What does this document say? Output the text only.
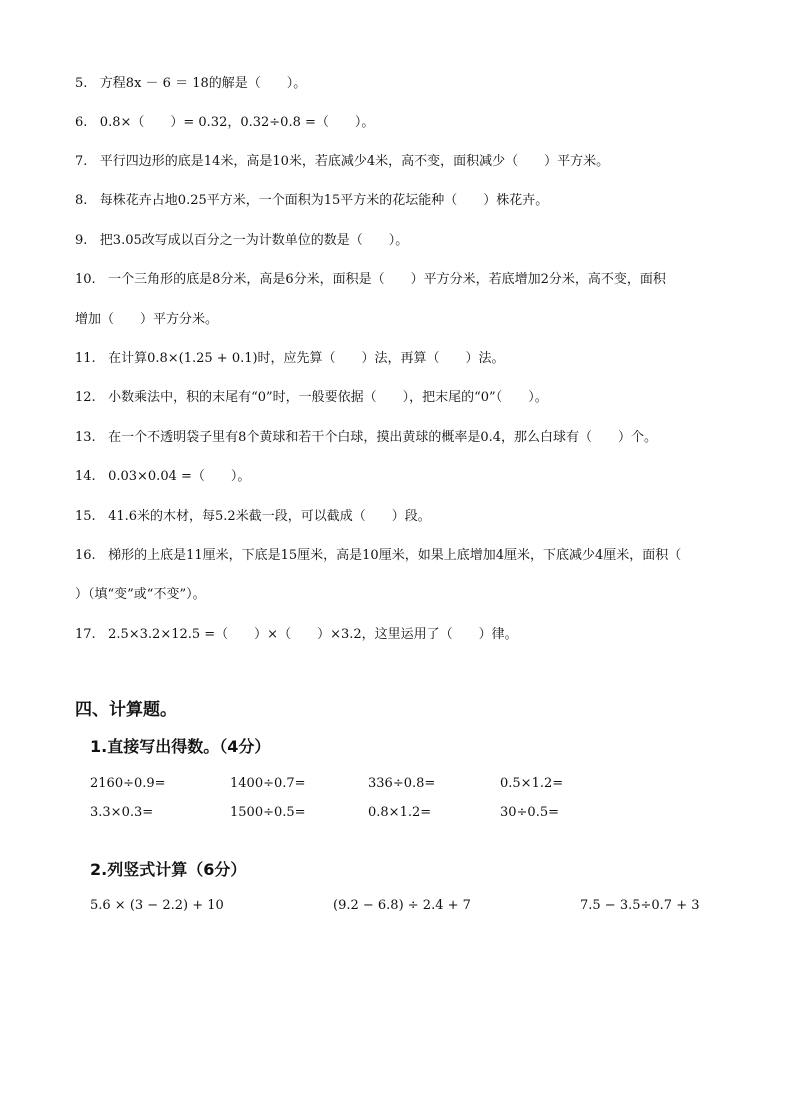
5.   方程8x － 6 ＝ 18的解是（　　）。
6.   0.8×（　　）= 0.32，0.32÷0.8 =（　　）。
7.   平行四边形的底是14米，高是10米，若底减少4米，高不变，面积减少（　　）平方米。
8.   每株花卉占地0.25平方米，一个面积为15平方米的花坛能种（　　）株花卉。
9.   把3.05改写成以百分之一为计数单位的数是（　　）。
10.   一个三角形的底是8分米，高是6分米，面积是（　　）平方分米，若底增加2分米，高不变，面积
增加（　　）平方分米。
11.   在计算0.8×(1.25 + 0.1)时，应先算（　　）法，再算（　　）法。
12.   小数乘法中，积的末尾有“0”时，一般要依据（　　），把末尾的“0”（　　）。
13.   在一个不透明袋子里有8个黄球和若干个白球，摸出黄球的概率是0.4，那么白球有（　　）个。
14.   0.03×0.04 =（　　）。
15.   41.6米的木材，每5.2米截一段，可以截成（　　）段。
16.   梯形的上底是11厘米，下底是15厘米，高是10厘米，如果上底增加4厘米，下底减少4厘米，面积（
）（填“变”或“不变”）。
17.   2.5×3.2×12.5 =（　　）×（　　）×3.2，这里运用了（　　）律。
四、计算题。
1.直接写出得数。（4分）
2160÷0.9=	1400÷0.7=	336÷0.8=	0.5×1.2=
3.3×0.3=	1500÷0.5=	0.8×1.2=	30÷0.5=
2.列竖式计算（6分）
5.6 × (3 − 2.2) + 10	(9.2 − 6.8) ÷ 2.4 + 7	7.5 − 3.5÷0.7 + 3
